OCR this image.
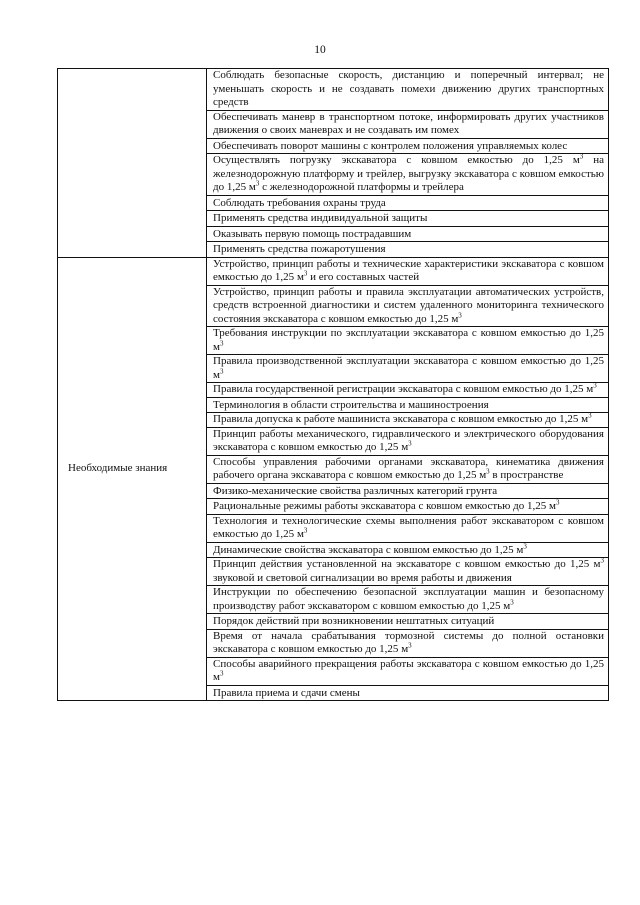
10
	Соблюдать безопасные скорость, дистанцию и поперечный интервал; не уменьшать скорость и не создавать помехи движению других транспортных средств
	Обеспечивать маневр в транспортном потоке, информировать других участников движения о своих маневрах и не создавать им помех
	Обеспечивать поворот машины с контролем положения управляемых колес
	Осуществлять погрузку экскаватора с ковшом емкостью до 1,25 $м^3$ на железнодорожную платформу и трейлер, выгрузку экскаватора с ковшом емкостью до 1,25 $м^3$ с железнодорожной платформы и трейлера
	Соблюдать требования охраны труда
	Применять средства индивидуальной защиты
	Оказывать первую помощь пострадавшим
	Применять средства пожаротушения

Необходимые знания	Устройство, принцип работы и технические характеристики экскаватора с ковшом емкостью до 1,25 $м^3$ и его составных частей
	Устройство, принцип работы и правила эксплуатации автоматических устройств, средств встроенной диагностики и систем удаленного мониторинга технического состояния экскаватора с ковшом емкостью до 1,25 $м^3$
	Требования инструкции по эксплуатации экскаватора с ковшом емкостью до 1,25 $м^3$
	Правила производственной эксплуатации экскаватора с ковшом емкостью до 1,25 $м^3$
	Правила государственной регистрации экскаватора с ковшом емкостью до 1,25 $м^3$
	Терминология в области строительства и машиностроения
	Правила допуска к работе машиниста экскаватора с ковшом емкостью до 1,25 $м^3$
	Принцип работы механического, гидравлического и электрического оборудования экскаватора с ковшом емкостью до 1,25 $м^3$
	Способы управления рабочими органами экскаватора, кинематика движения рабочего органа экскаватора с ковшом емкостью до 1,25 $м^3$ в пространстве
	Физико-механические свойства различных категорий грунта
	Рациональные режимы работы экскаватора с ковшом емкостью до 1,25 $м^3$
	Технология и технологические схемы выполнения работ экскаватором с ковшом емкостью до 1,25 $м^3$
	Динамические свойства экскаватора с ковшом емкостью до 1,25 $м^3$
	Принцип действия установленной на экскаваторе с ковшом емкостью до 1,25 $м^3$ звуковой и световой сигнализации во время работы и движения
	Инструкции по обеспечению безопасной эксплуатации машин и безопасному производству работ экскаватором с ковшом емкостью до 1,25 $м^3$
	Порядок действий при возникновении нештатных ситуаций
	Время от начала срабатывания тормозной системы до полной остановки экскаватора с ковшом емкостью до 1,25 $м^3$
	Способы аварийного прекращения работы экскаватора с ковшом емкостью до 1,25 $м^3$
	Правила приема и сдачи смены
